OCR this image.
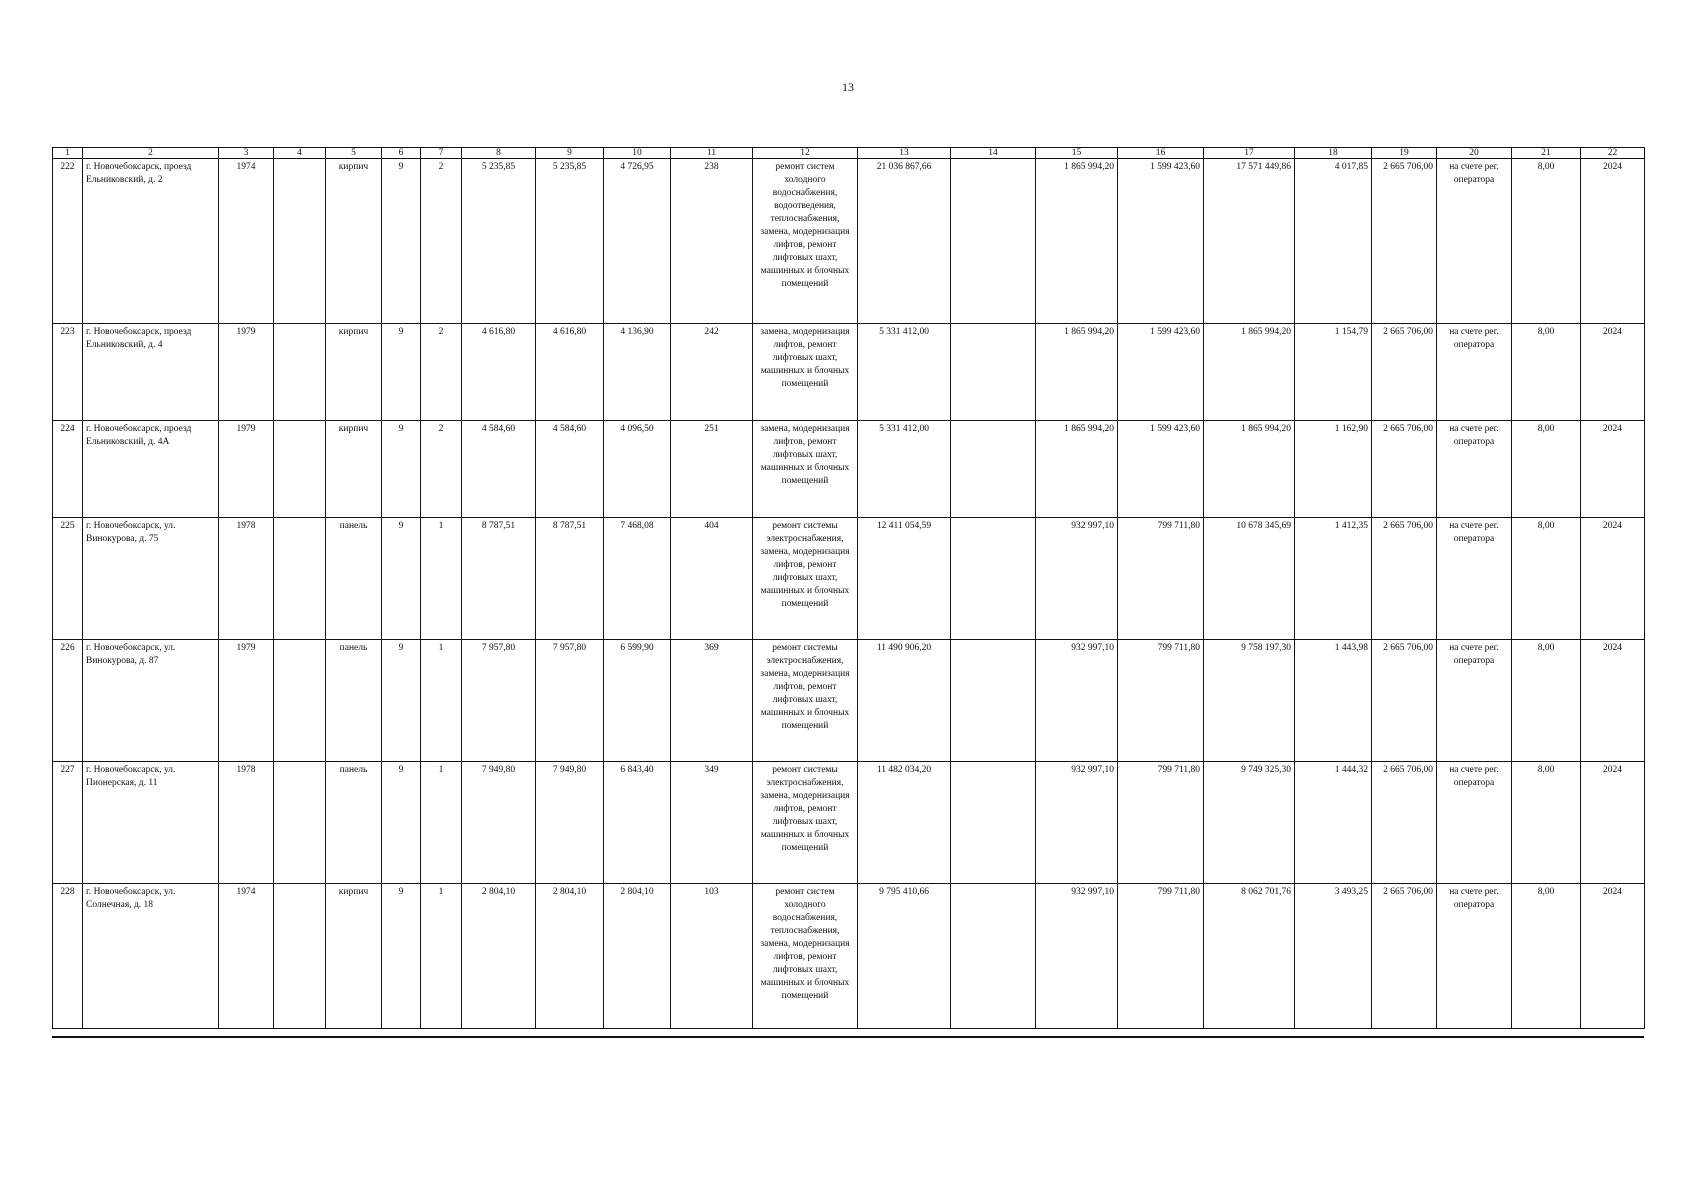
13
1	2	3	4	5	6	7	8	9	10	11	12	13	14	15	16	17	18	19	20	21	22
222	г. Новочебоксарск, проезд Ельниковский, д. 2	1974		кирпич	9	2	5 235,85	5 235,85	4 726,95	238	ремонт систем холодного водоснабжения, водоотведения, теплоснабжения, замена, модернизация лифтов, ремонт лифтовых шахт, машинных и блочных помещений	21 036 867,66		1 865 994,20	1 599 423,60	17 571 449,86	4 017,85	2 665 706,00	на счете рег. оператора	8,00	2024
223	г. Новочебоксарск, проезд Ельниковский, д. 4	1979		кирпич	9	2	4 616,80	4 616,80	4 136,90	242	замена, модернизация лифтов, ремонт лифтовых шахт, машинных и блочных помещений	5 331 412,00		1 865 994,20	1 599 423,60	1 865 994,20	1 154,79	2 665 706,00	на счете рег. оператора	8,00	2024
224	г. Новочебоксарск, проезд Ельниковский, д. 4А	1979		кирпич	9	2	4 584,60	4 584,60	4 096,50	251	замена, модернизация лифтов, ремонт лифтовых шахт, машинных и блочных помещений	5 331 412,00		1 865 994,20	1 599 423,60	1 865 994,20	1 162,90	2 665 706,00	на счете рег. оператора	8,00	2024
225	г. Новочебоксарск, ул. Винокурова, д. 75	1978		панель	9	1	8 787,51	8 787,51	7 468,08	404	ремонт системы электроснабжения, замена, модернизация лифтов, ремонт лифтовых шахт, машинных и блочных помещений	12 411 054,59		932 997,10	799 711,80	10 678 345,69	1 412,35	2 665 706,00	на счете рег. оператора	8,00	2024
226	г. Новочебоксарск, ул. Винокурова, д. 87	1979		панель	9	1	7 957,80	7 957,80	6 599,90	369	ремонт системы электроснабжения, замена, модернизация лифтов, ремонт лифтовых шахт, машинных и блочных помещений	11 490 906,20		932 997,10	799 711,80	9 758 197,30	1 443,98	2 665 706,00	на счете рег. оператора	8,00	2024
227	г. Новочебоксарск, ул. Пионерская, д. 11	1978		панель	9	1	7 949,80	7 949,80	6 843,40	349	ремонт системы электроснабжения, замена, модернизация лифтов, ремонт лифтовых шахт, машинных и блочных помещений	11 482 034,20		932 997,10	799 711,80	9 749 325,30	1 444,32	2 665 706,00	на счете рег. оператора	8,00	2024
228	г. Новочебоксарск, ул. Солнечная, д. 18	1974		кирпич	9	1	2 804,10	2 804,10	2 804,10	103	ремонт систем холодного водоснабжения, теплоснабжения, замена, модернизация лифтов, ремонт лифтовых шахт, машинных и блочных помещений	9 795 410,66		932 997,10	799 711,80	8 062 701,76	3 493,25	2 665 706,00	на счете рег. оператора	8,00	2024
